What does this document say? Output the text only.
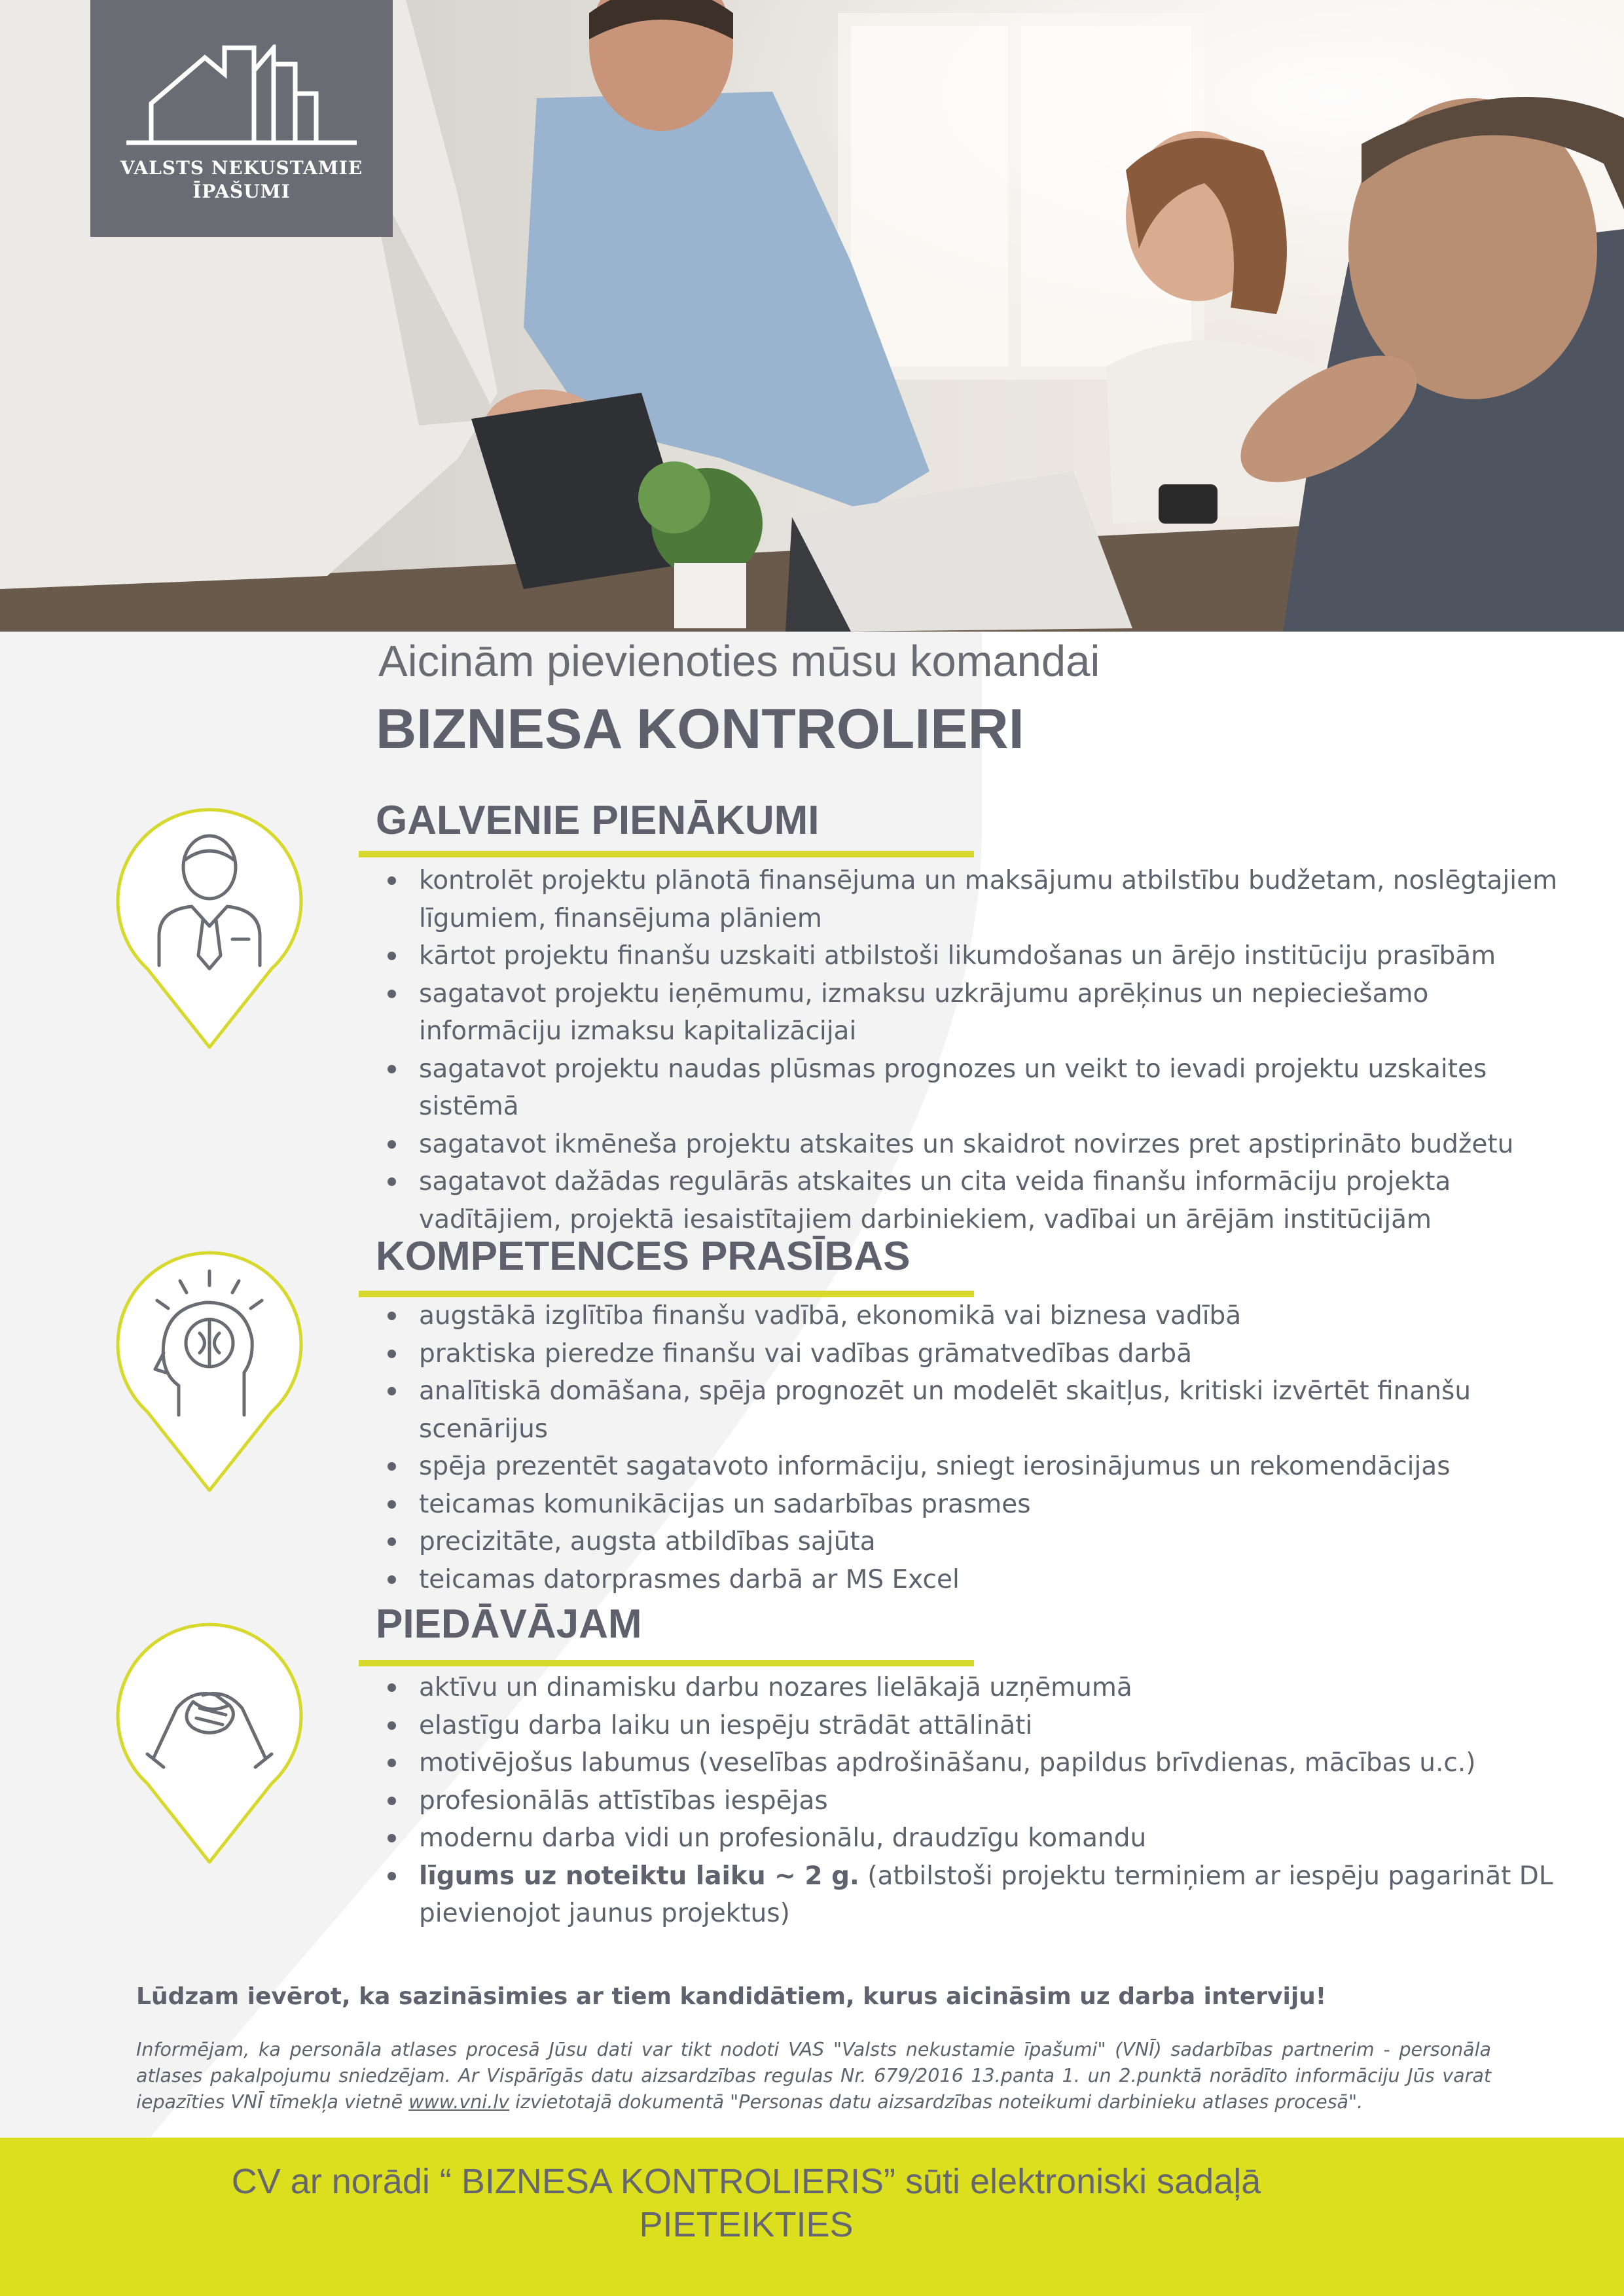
VALSTS NEKUSTAMIE
ĪPAŠUMI
Aicinām pievienoties mūsu komandai
BIZNESA KONTROLIERI
GALVENIE PIENĀKUMI
kontrolēt projektu plānotā finansējuma un maksājumu atbilstību budžetam, noslēgtajiem līgumiem, finansējuma plāniem
kārtot projektu finanšu uzskaiti atbilstoši likumdošanas un ārējo institūciju prasībām
sagatavot projektu ieņēmumu, izmaksu uzkrājumu aprēķinus un nepieciešamo informāciju izmaksu kapitalizācijai
sagatavot projektu naudas plūsmas prognozes un veikt to ievadi projektu uzskaites sistēmā
sagatavot ikmēneša projektu atskaites un skaidrot novirzes pret apstiprināto budžetu
sagatavot dažādas regulārās atskaites un cita veida finanšu informāciju projekta vadītājiem, projektā iesaistītajiem darbiniekiem, vadībai un ārējām institūcijām
KOMPETENCES PRASĪBAS
augstākā izglītība finanšu vadībā, ekonomikā vai biznesa vadībā
praktiska pieredze finanšu vai vadības grāmatvedības darbā
analītiskā domāšana, spēja prognozēt un modelēt skaitļus, kritiski izvērtēt finanšu scenārijus
spēja prezentēt sagatavoto informāciju, sniegt ierosinājumus un rekomendācijas
teicamas komunikācijas un sadarbības prasmes
precizitāte, augsta atbildības sajūta
teicamas datorprasmes darbā ar MS Excel
PIEDĀVĀJAM
aktīvu un dinamisku darbu nozares lielākajā uzņēmumā
elastīgu darba laiku un iespēju strādāt attālināti
motivējošus labumus (veselības apdrošināšanu, papildus brīvdienas, mācības u.c.)
profesionālās attīstības iespējas
modernu darba vidi un profesionālu, draudzīgu komandu
līgums uz noteiktu laiku ~ 2 g. (atbilstoši projektu termiņiem ar iespēju pagarināt DL pievienojot jaunus projektus)
Lūdzam ievērot, ka sazināsimies ar tiem kandidātiem, kurus aicināsim uz darba interviju!
Informējam, ka personāla atlases procesā Jūsu dati var tikt nodoti VAS "Valsts nekustamie īpašumi" (VNĪ) sadarbības partnerim - personāla atlases pakalpojumu sniedzējam. Ar Vispārīgās datu aizsardzības regulas Nr. 679/2016 13.panta 1. un 2.punktā norādīto informāciju Jūs varat iepazīties VNĪ tīmekļa vietnē www.vni.lv izvietotajā dokumentā "Personas datu aizsardzības noteikumi darbinieku atlases procesā".
CV ar norādi “ BIZNESA KONTROLIERIS” sūti elektroniski sadaļā
PIETEIKTIES
